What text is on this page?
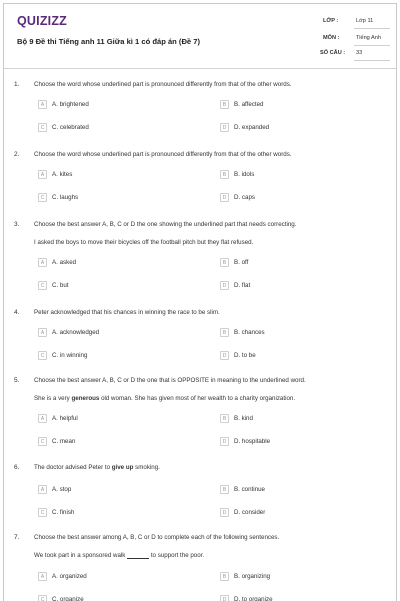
QUIZIZZ
Bộ 9 Đề thi Tiếng anh 11 Giữa kì 1 có đáp án (Đề 7)
LỚP :	Lớp 11
MÔN :	Tiếng Anh
SỐ CÂU : 33
1. Choose the word whose underlined part is pronounced differently from that of the other words.
A	A. brightened	B	B. affected
C	C. celebrated	D	D. expanded
2. Choose the word whose underlined part is pronounced differently from that of the other words.
A	A. kites	B	B. idols
C	C. laughs	D	D. caps
3. Choose the best answer A, B, C or D the one showing the underlined part that needs correcting.
I asked the boys to move their bicycles off the football pitch but they flat refused.
A	A. asked	B	B. off
C	C. but	D	D. flat
4. Peter acknowledged that his chances in winning the race to be slim.
A	A. acknowledged	B	B. chances
C	C. in winning	D	D. to be
5. Choose the best answer A, B, C or D the one that is OPPOSITE in meaning to the underlined word.
She is a very generous old woman. She has given most of her wealth to a charity organization.
A	A. helpful	B	B. kind
C	C. mean	D	D. hospitable
6. The doctor advised Peter to give up smoking.
A	A. stop	B	B. continue
C	C. finish	D	D. consider
7. Choose the best answer among A, B, C or D to complete each of the following sentences.
We took part in a sponsored walk	to support the poor.
A	A. organized	B	B. organizing
C	C. organize	D	D. to organize
